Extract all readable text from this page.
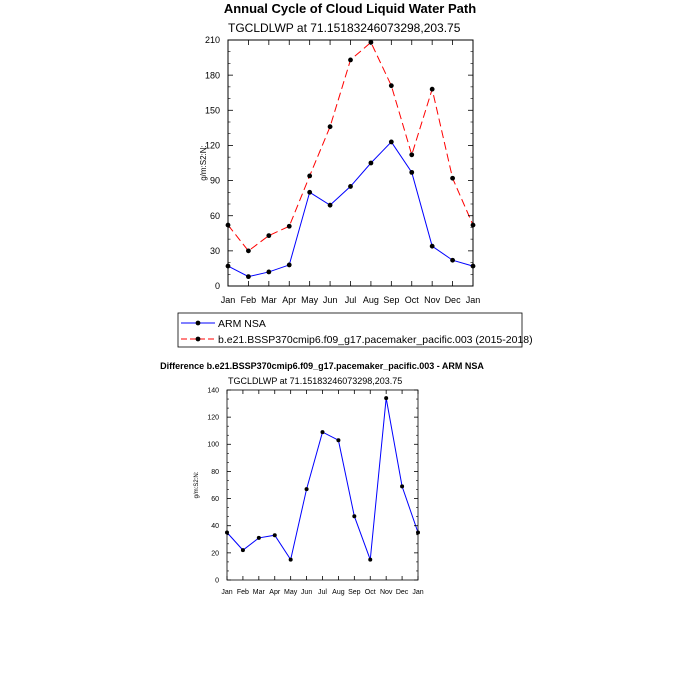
Annual Cycle of Cloud Liquid Water Path
TGCLDLWP at 71.15183246073298,203.75
g/m:S2:N:
Jan Feb Mar Apr May Jun Jul Aug Sep Oct Nov Dec Jan
0
30
60
90
120
150
180
210
ARM NSA
b.e21.BSSP370cmip6.f09_g17.pacemaker_pacific.003 (2015-2018)
Difference b.e21.BSSP370cmip6.f09_g17.pacemaker_pacific.003 - ARM NSA
TGCLDLWP at 71.15183246073298,203.75
g/m:S2:N:
Jan Feb Mar Apr May Jun Jul Aug Sep Oct Nov Dec Jan
0
20
40
60
80
100
120
140
